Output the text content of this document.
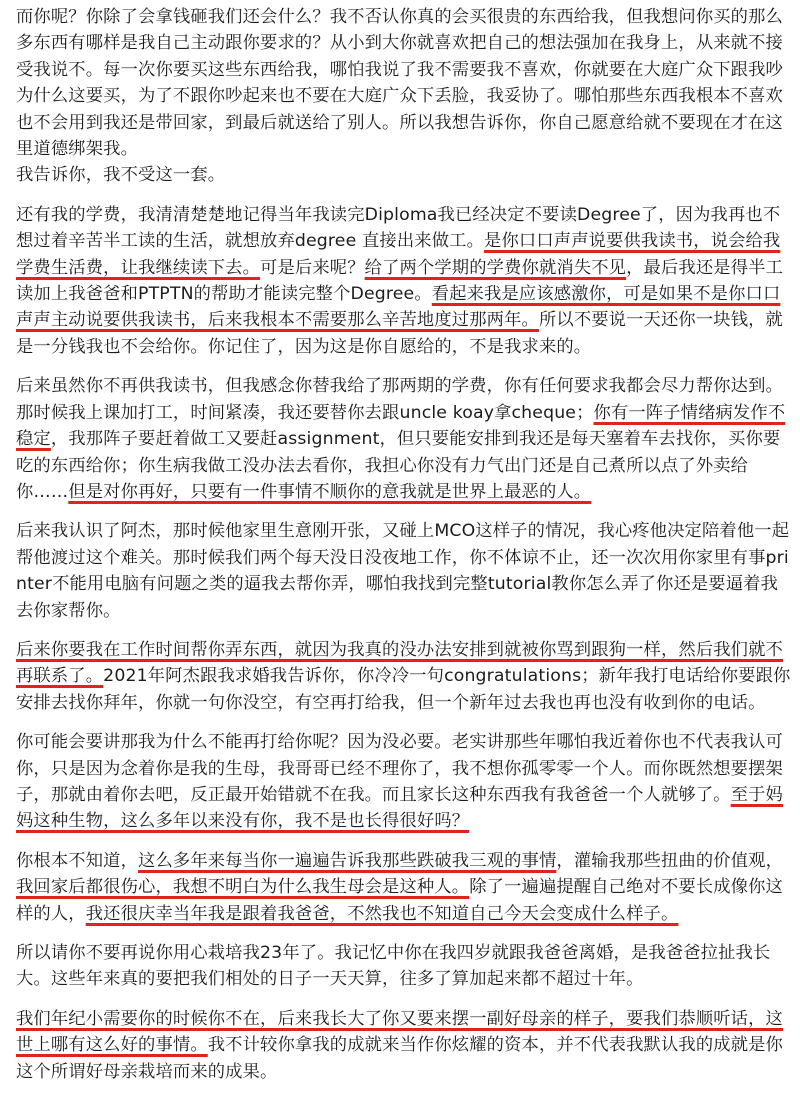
而你呢？你除了会拿钱砸我们还会什么？我不否认你真的会买很贵的东西给我，但我想问你买的那么多东西有哪样是我自己主动跟你要求的？从小到大你就喜欢把自己的想法强加在我身上，从来就不接受我说不。每一次你要买这些东西给我，哪怕我说了我不需要我不喜欢，你就要在大庭广众下跟我吵为什么这要买，为了不跟你吵起来也不要在大庭广众下丢脸，我妥协了。哪怕那些东西我根本不喜欢也不会用到我还是带回家，到最后就送给了别人。所以我想告诉你，你自己愿意给就不要现在才在这里道德绑架我。
我告诉你，我不受这一套。
还有我的学费，我清清楚楚地记得当年我读完Diploma我已经决定不要读Degree了，因为我再也不想过着辛苦半工读的生活，就想放弃degree 直接出来做工。是你口口声声说要供我读书，说会给我学费生活费，让我继续读下去。可是后来呢？给了两个学期的学费你就消失不见，最后我还是得半工读加上我爸爸和PTPTN的帮助才能读完整个Degree。看起来我是应该感激你，可是如果不是你口口声声主动说要供我读书，后来我根本不需要那么辛苦地度过那两年。所以不要说一天还你一块钱，就是一分钱我也不会给你。你记住了，因为这是你自愿给的，不是我求来的。
后来虽然你不再供我读书，但我感念你替我给了那两期的学费，你有任何要求我都会尽力帮你达到。那时候我上课加打工，时间紧凑，我还要替你去跟uncle koay拿cheque；你有一阵子情绪病发作不稳定，我那阵子要赶着做工又要赶assignment，但只要能安排到我还是每天塞着车去找你，买你要吃的东西给你；你生病我做工没办法去看你，我担心你没有力气出门还是自己煮所以点了外卖给你……但是对你再好，只要有一件事情不顺你的意我就是世界上最恶的人。
后来我认识了阿杰，那时候他家里生意刚开张，又碰上MCO这样子的情况，我心疼他决定陪着他一起帮他渡过这个难关。那时候我们两个每天没日没夜地工作，你不体谅不止，还一次次用你家里有事printer不能用电脑有问题之类的逼我去帮你弄，哪怕我找到完整tutorial教你怎么弄了你还是要逼着我去你家帮你。
后来你要我在工作时间帮你弄东西，就因为我真的没办法安排到就被你骂到跟狗一样，然后我们就不再联系了。2021年阿杰跟我求婚我告诉你，你冷冷一句congratulations；新年我打电话给你要跟你安排去找你拜年，你就一句你没空，有空再打给我，但一个新年过去我也再也没有收到你的电话。
你可能会要讲那我为什么不能再打给你呢？因为没必要。老实讲那些年哪怕我近着你也不代表我认可你，只是因为念着你是我的生母，我哥哥已经不理你了，我不想你孤零零一个人。而你既然想要摆架子，那就由着你去吧，反正最开始错就不在我。而且家长这种东西我有我爸爸一个人就够了。至于妈妈这种生物，这么多年以来没有你，我不是也长得很好吗？
你根本不知道，这么多年来每当你一遍遍告诉我那些跌破我三观的事情，灌输我那些扭曲的价值观，我回家后都很伤心，我想不明白为什么我生母会是这种人。除了一遍遍提醒自己绝对不要长成像你这样的人，我还很庆幸当年我是跟着我爸爸，不然我也不知道自己今天会变成什么样子。
所以请你不要再说你用心栽培我23年了。我记忆中你在我四岁就跟我爸爸离婚，是我爸爸拉扯我长大。这些年来真的要把我们相处的日子一天天算，往多了算加起来都不超过十年。
我们年纪小需要你的时候你不在，后来我长大了你又要来摆一副好母亲的样子，要我们恭顺听话，这世上哪有这么好的事情。我不计较你拿我的成就来当作你炫耀的资本，并不代表我默认我的成就是你这个所谓好母亲栽培而来的成果。
